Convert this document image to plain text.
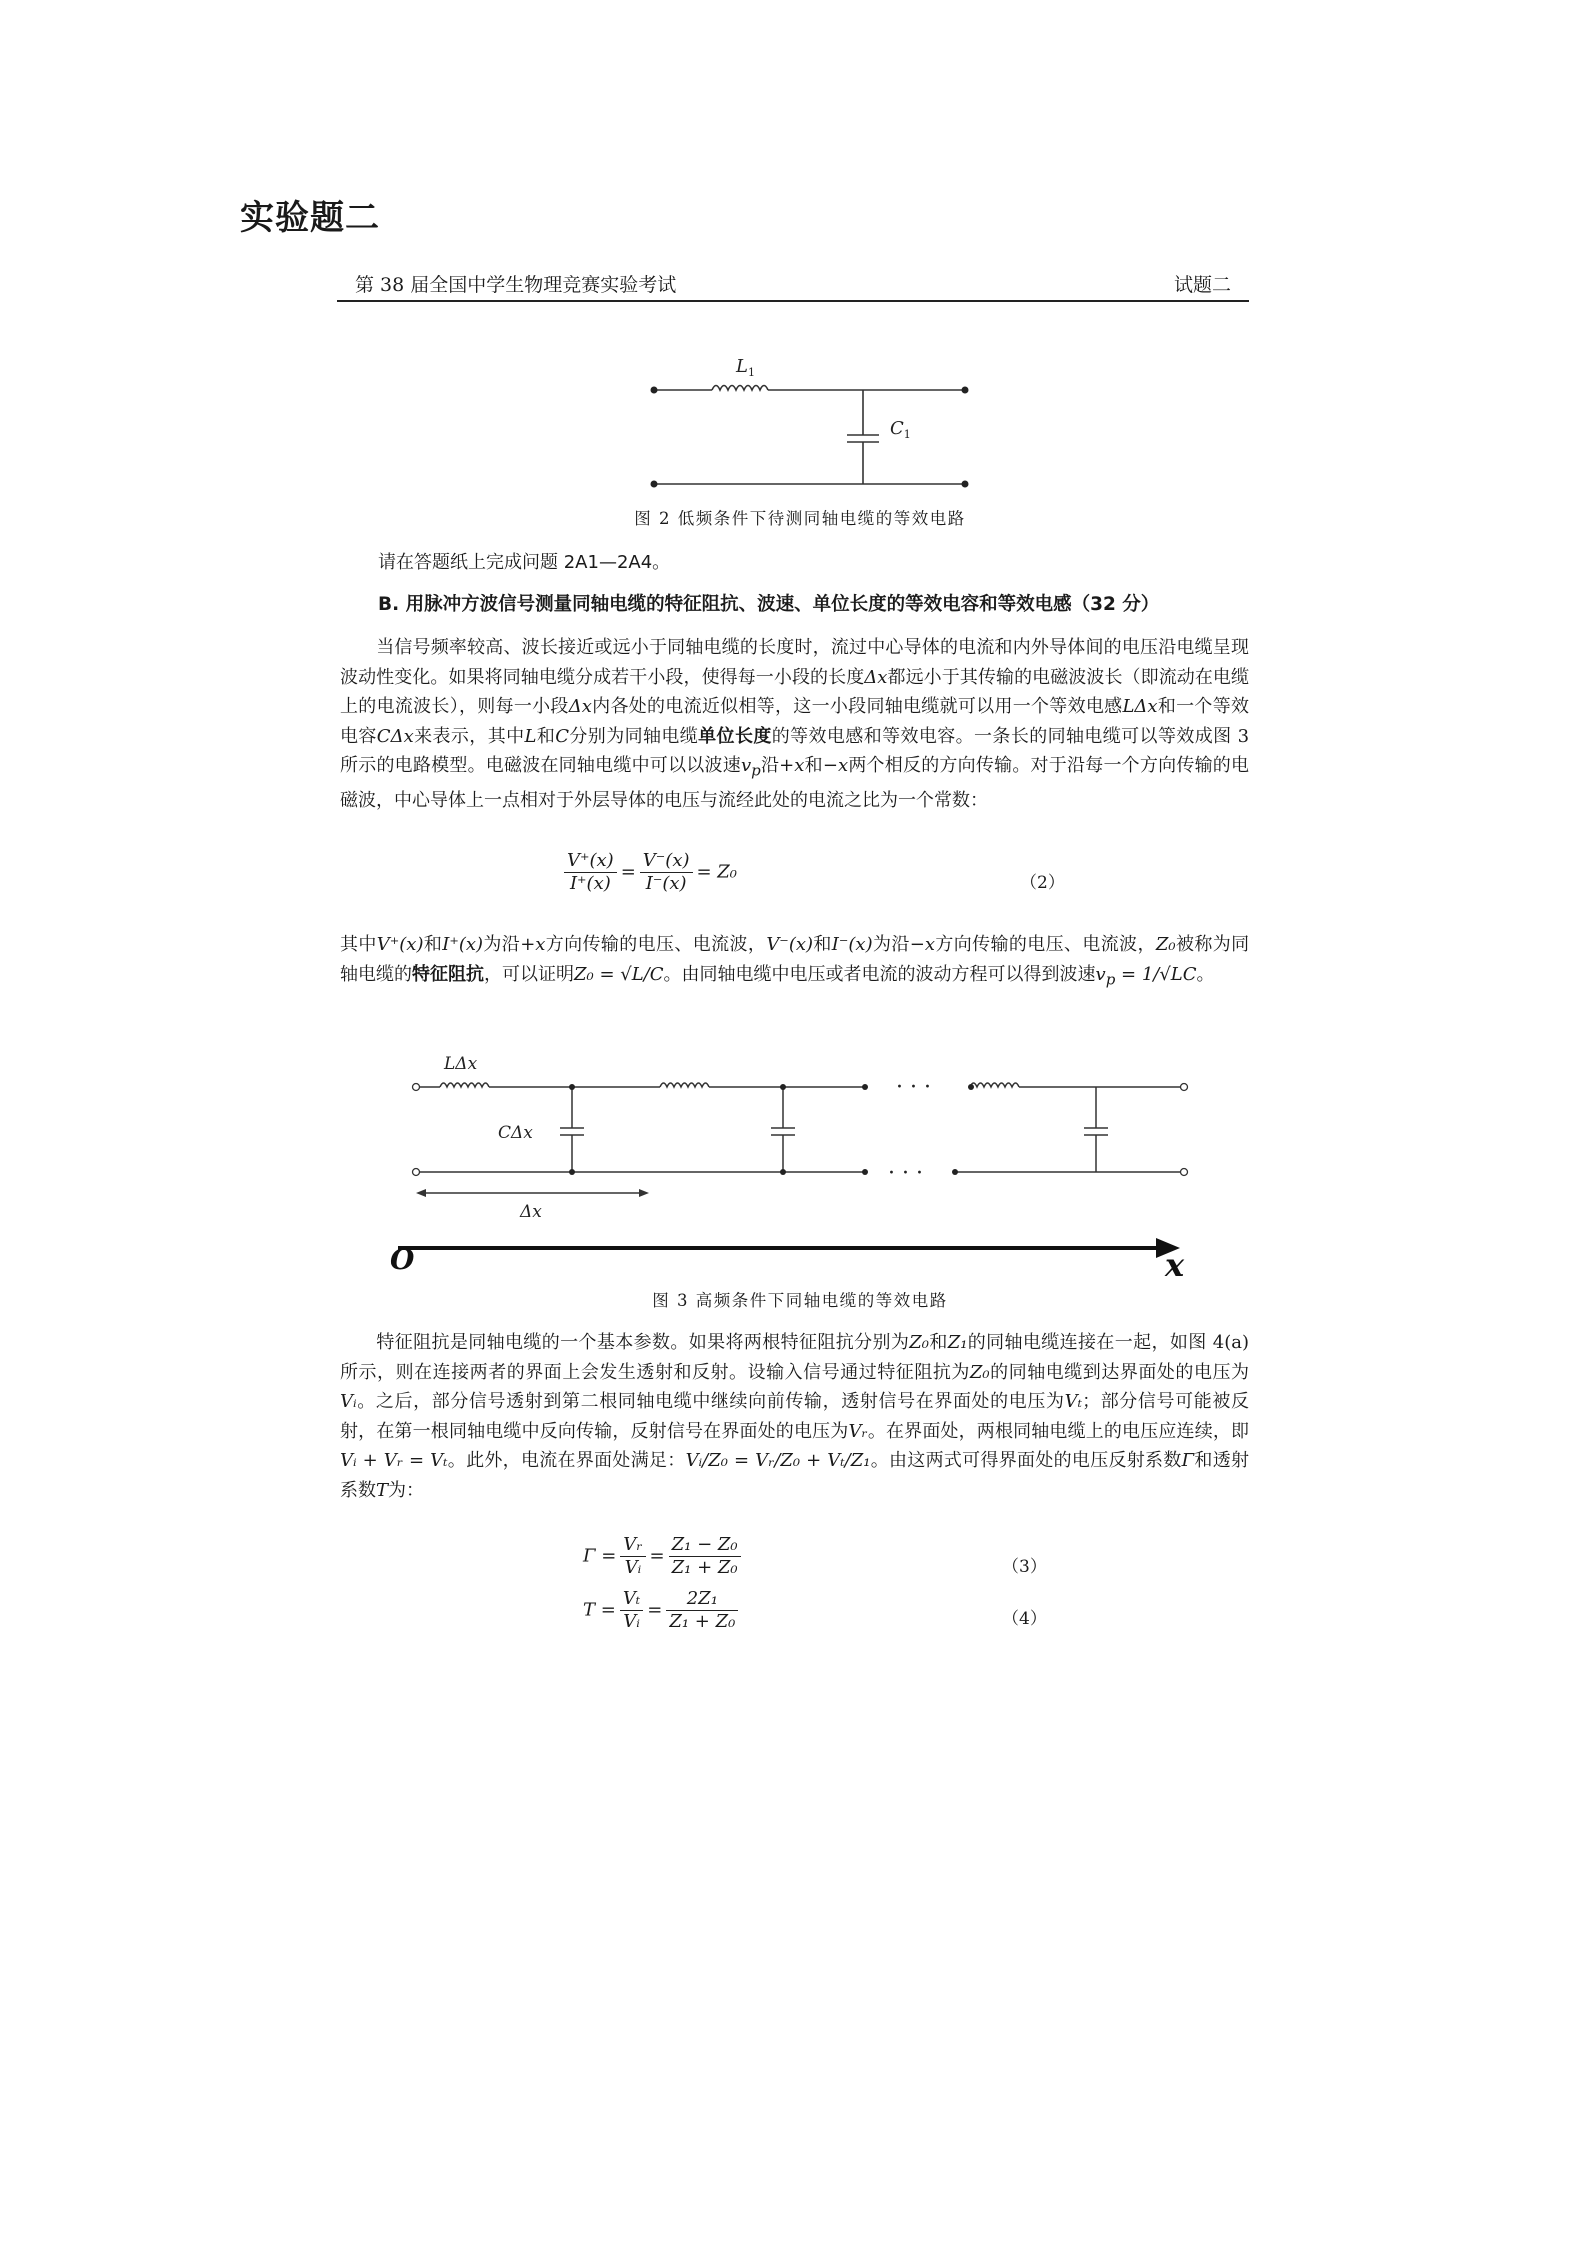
实验题二
第 38 届全国中学生物理竞赛实验考试	试题二
$L_1$
$C_1$
图 2 低频条件下待测同轴电缆的等效电路
请在答题纸上完成问题 2A1—2A4。
B. 用脉冲方波信号测量同轴电缆的特征阻抗、波速、单位长度的等效电容和等效电感（32 分）

当信号频率较高、波长接近或远小于同轴电缆的长度时，流过中心导体的电流和内外导体间的电压沿电缆呈现波动性变化。如果将同轴电缆分成若干小段，使得每一小段的长度Δx都远小于其传输的电磁波波长（即流动在电缆上的电流波长），则每一小段Δx内各处的电流近似相等，这一小段同轴电缆就可以用一个等效电感LΔx和一个等效电容CΔx来表示，其中L和C分别为同轴电缆单位长度的等效电感和等效电容。一条长的同轴电缆可以等效成图 3 所示的电路模型。电磁波在同轴电缆中可以以波速$v_p$沿+x和−x两个相反的方向传输。对于沿每一个方向传输的电磁波，中心导体上一点相对于外层导体的电压与流经此处的电流之比为一个常数：

$\frac{V^+(x)}{I^+(x)} = \frac{V^-(x)}{I^-(x)} = Z_0$
（2）

其中V⁺(x)和I⁺(x)为沿+x方向传输的电压、电流波，V⁻(x)和I⁻(x)为沿−x方向传输的电压、电流波，Z₀被称为同轴电缆的特征阻抗，可以证明Z₀ = √L/C。由同轴电缆中电压或者电流的波动方程可以得到波速$v_p = 1/√LC$。

· · ·
· · ·
LΔx
CΔx
Δx
O	x
图 3 高频条件下同轴电缆的等效电路

特征阻抗是同轴电缆的一个基本参数。如果将两根特征阻抗分别为Z₀和Z₁的同轴电缆连接在一起，如图 4(a)所示，则在连接两者的界面上会发生透射和反射。设输入信号通过特征阻抗为Z₀的同轴电缆到达界面处的电压为Vᵢ。之后，部分信号透射到第二根同轴电缆中继续向前传输，透射信号在界面处的电压为Vₜ；部分信号可能被反射，在第一根同轴电缆中反向传输，反射信号在界面处的电压为Vᵣ。在界面处，两根同轴电缆上的电压应连续，即Vᵢ + Vᵣ = Vₜ。此外，电流在界面处满足：Vᵢ/Z₀ = Vᵣ/Z₀ + Vₜ/Z₁。由这两式可得界面处的电压反射系数Γ和透射系数T为：

$\Gamma = \frac{\text{Vᵣ}}{\text{Vᵢ}} = \frac{\text{Z₁ − Z₀}}{\text{Z₁ + Z₀}}$	（3）
$T = \frac{\text{Vₜ}}{\text{Vᵢ}} = \frac{\text{2Z₁}}{\text{Z₁ + Z₀}}$	（4）
